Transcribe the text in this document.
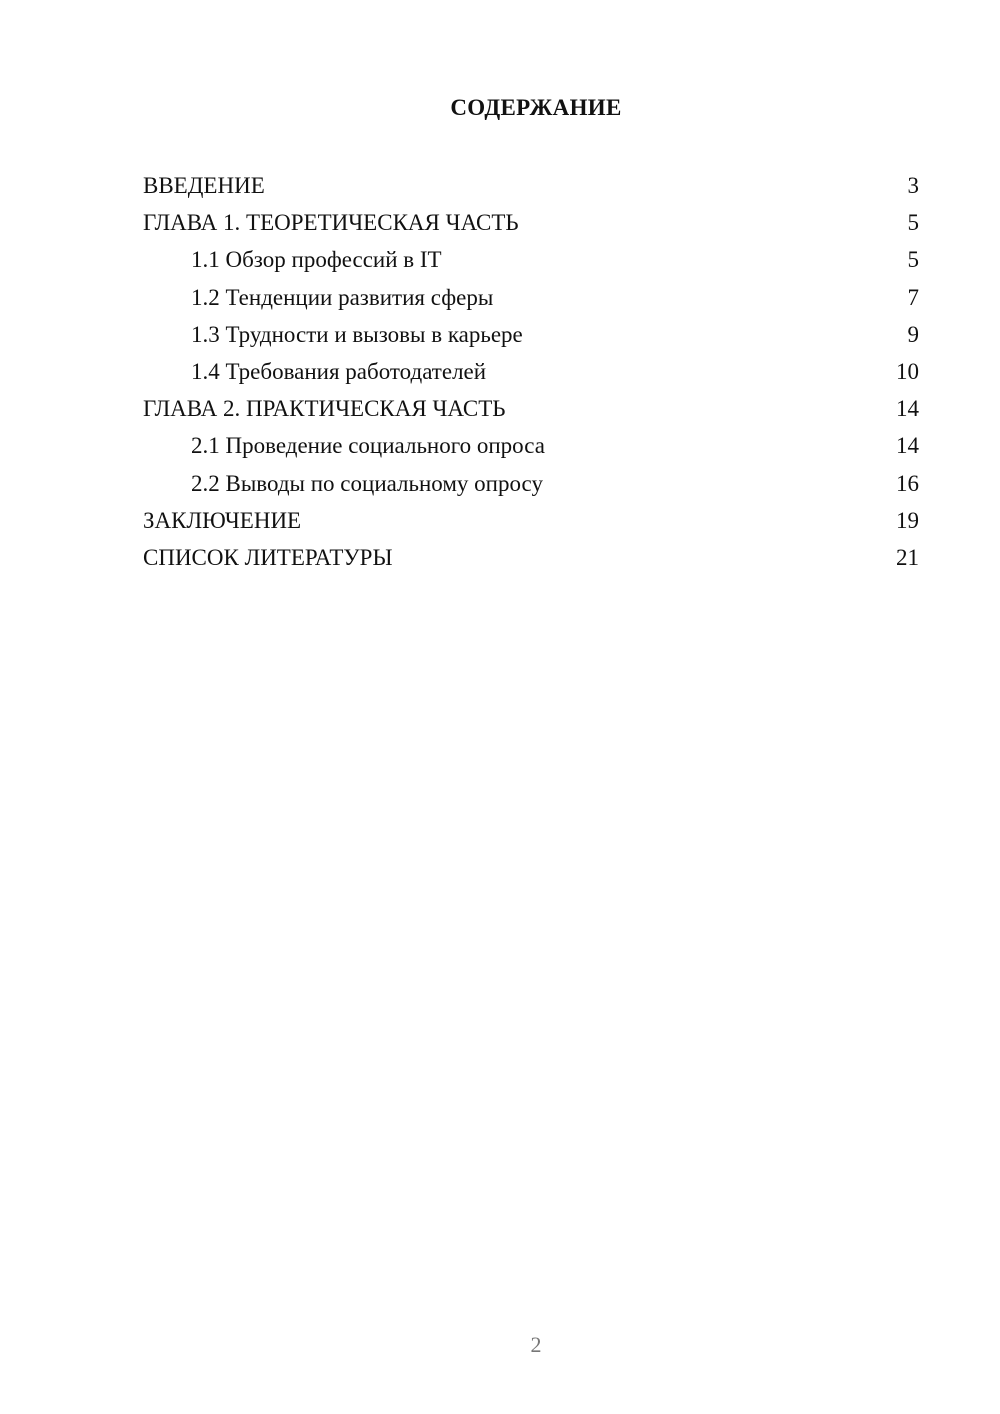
СОДЕРЖАНИЕ
ВВЕДЕНИЕ	3
ГЛАВА 1. ТЕОРЕТИЧЕСКАЯ ЧАСТЬ	5
1.1 Обзор профессий в IT	5
1.2 Тенденции развития сферы	7
1.3 Трудности и вызовы в карьере	9
1.4 Требования работодателей	10
ГЛАВА 2. ПРАКТИЧЕСКАЯ ЧАСТЬ	14
2.1 Проведение социального опроса	14
2.2 Выводы по социальному опросу	16
ЗАКЛЮЧЕНИЕ	19
СПИСОК ЛИТЕРАТУРЫ	21
2
